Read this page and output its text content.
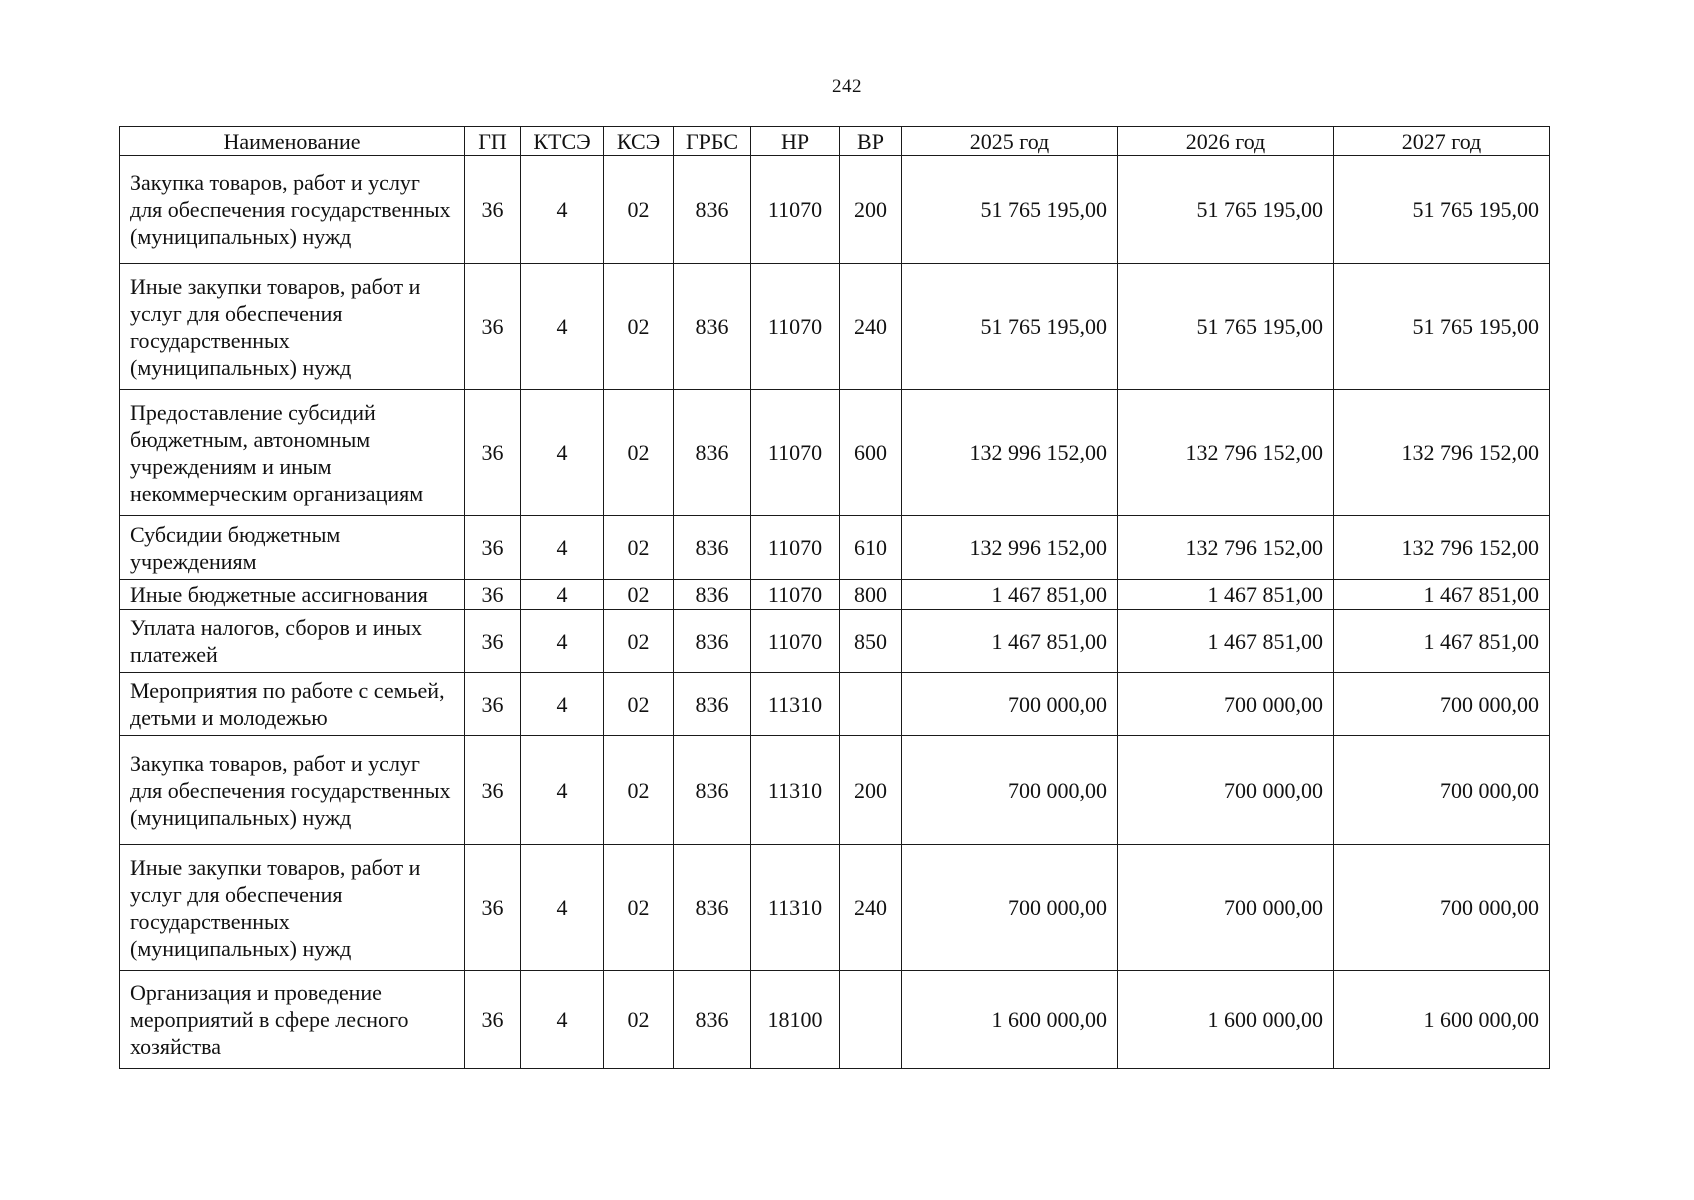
242
Наименование	ГП	КТСЭ	КСЭ	ГРБС	НР	ВР	2025 год	2026 год	2027 год
Закупка товаров, работ и услуг для обеспечения государственных (муниципальных) нужд	36	4	02	836	11070	200	51 765 195,00	51 765 195,00	51 765 195,00
Иные закупки товаров, работ и услуг для обеспечения государственных (муниципальных) нужд	36	4	02	836	11070	240	51 765 195,00	51 765 195,00	51 765 195,00
Предоставление субсидий бюджетным, автономным учреждениям и иным некоммерческим организациям	36	4	02	836	11070	600	132 996 152,00	132 796 152,00	132 796 152,00
Субсидии бюджетным учреждениям	36	4	02	836	11070	610	132 996 152,00	132 796 152,00	132 796 152,00
Иные бюджетные ассигнования	36	4	02	836	11070	800	1 467 851,00	1 467 851,00	1 467 851,00
Уплата налогов, сборов и иных платежей	36	4	02	836	11070	850	1 467 851,00	1 467 851,00	1 467 851,00
Мероприятия по работе с семьей, детьми и молодежью	36	4	02	836	11310		700 000,00	700 000,00	700 000,00
Закупка товаров, работ и услуг для обеспечения государственных (муниципальных) нужд	36	4	02	836	11310	200	700 000,00	700 000,00	700 000,00
Иные закупки товаров, работ и услуг для обеспечения государственных (муниципальных) нужд	36	4	02	836	11310	240	700 000,00	700 000,00	700 000,00
Организация и проведение мероприятий в сфере лесного хозяйства	36	4	02	836	18100		1 600 000,00	1 600 000,00	1 600 000,00
